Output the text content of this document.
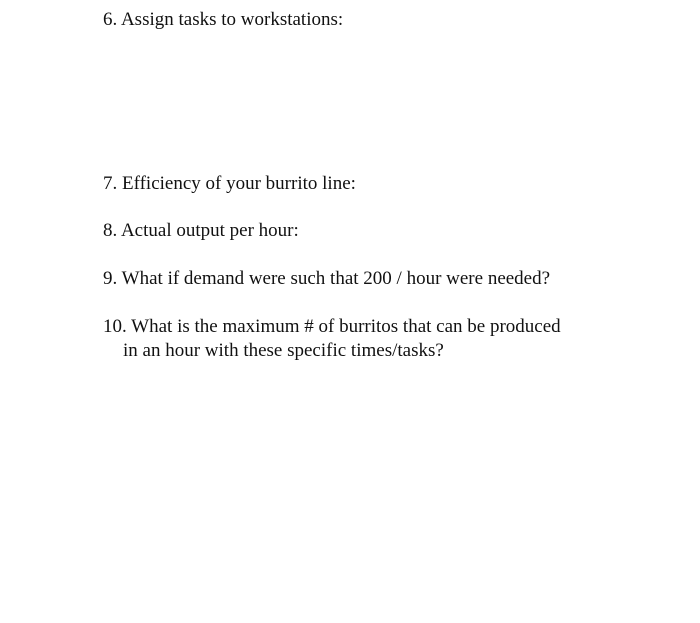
6. Assign tasks to workstations:

7. Efficiency of your burrito line:

8. Actual output per hour:

9. What if demand were such that 200 / hour were needed?

10. What is the maximum # of burritos that can be produced
in an hour with these specific times/tasks?
